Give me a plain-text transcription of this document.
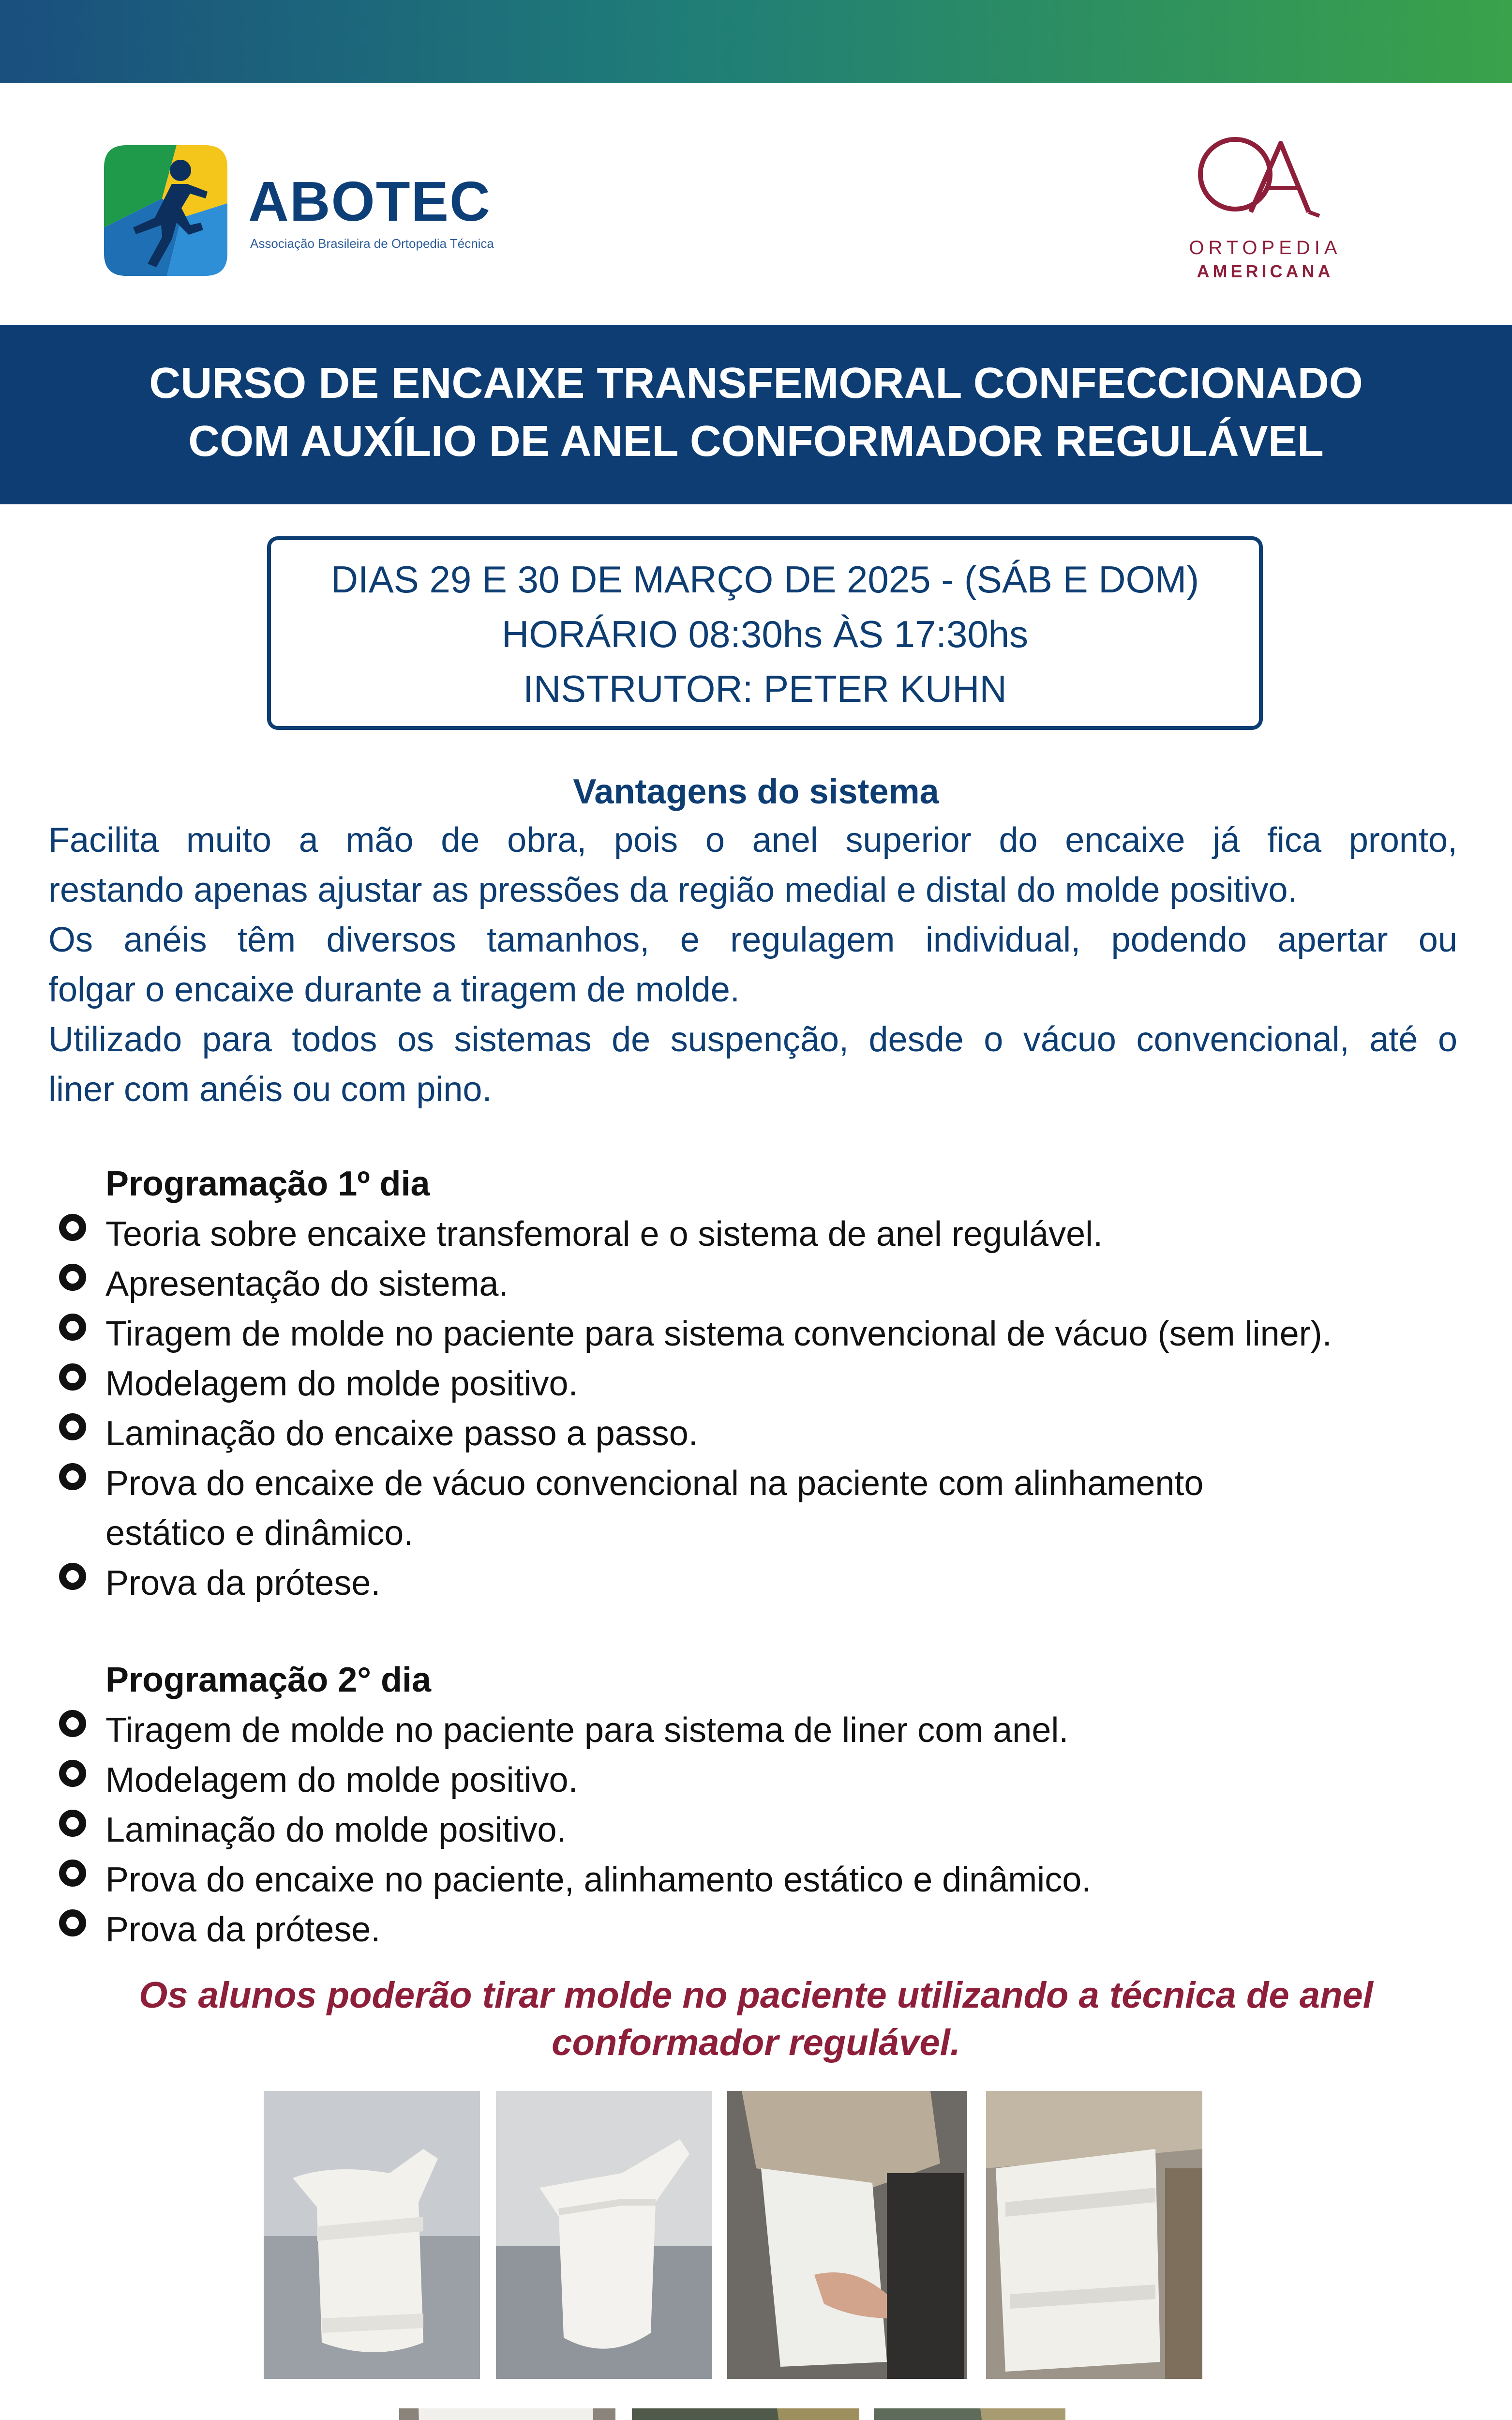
ABOTEC
Associação Brasileira de Ortopedia Técnica	ORTOPEDIA
AMERICANA
CURSO DE ENCAIXE TRANSFEMORAL CONFECCIONADO
COM AUXÍLIO DE ANEL CONFORMADOR REGULÁVEL
DIAS 29 E 30 DE MARÇO DE 2025 - (SÁB E DOM)
HORÁRIO 08:30hs ÀS 17:30hs
INSTRUTOR: PETER KUHN
Vantagens do sistema
Facilita muito a mão de obra, pois o anel superior do encaixe já fica pronto,
restando apenas ajustar as pressões da região medial e distal do molde positivo.
Os anéis têm diversos tamanhos, e regulagem individual, podendo apertar ou
folgar o encaixe durante a tiragem de molde.
Utilizado para todos os sistemas de suspenção, desde o vácuo convencional, até o
liner com anéis ou com pino.
Programação 1º dia
Teoria sobre encaixe transfemoral e o sistema de anel regulável.
Apresentação do sistema.
Tiragem de molde no paciente para sistema convencional de vácuo (sem liner).
Modelagem do molde positivo.
Laminação do encaixe passo a passo.
Prova do encaixe de vácuo convencional na paciente com alinhamento
estático e dinâmico.
Prova da prótese.
Programação 2° dia
Tiragem de molde no paciente para sistema de liner com anel.
Modelagem do molde positivo.
Laminação do molde positivo.
Prova do encaixe no paciente, alinhamento estático e dinâmico.
Prova da prótese.
Os alunos poderão tirar molde no paciente utilizando a técnica de anel
conformador regulável.
